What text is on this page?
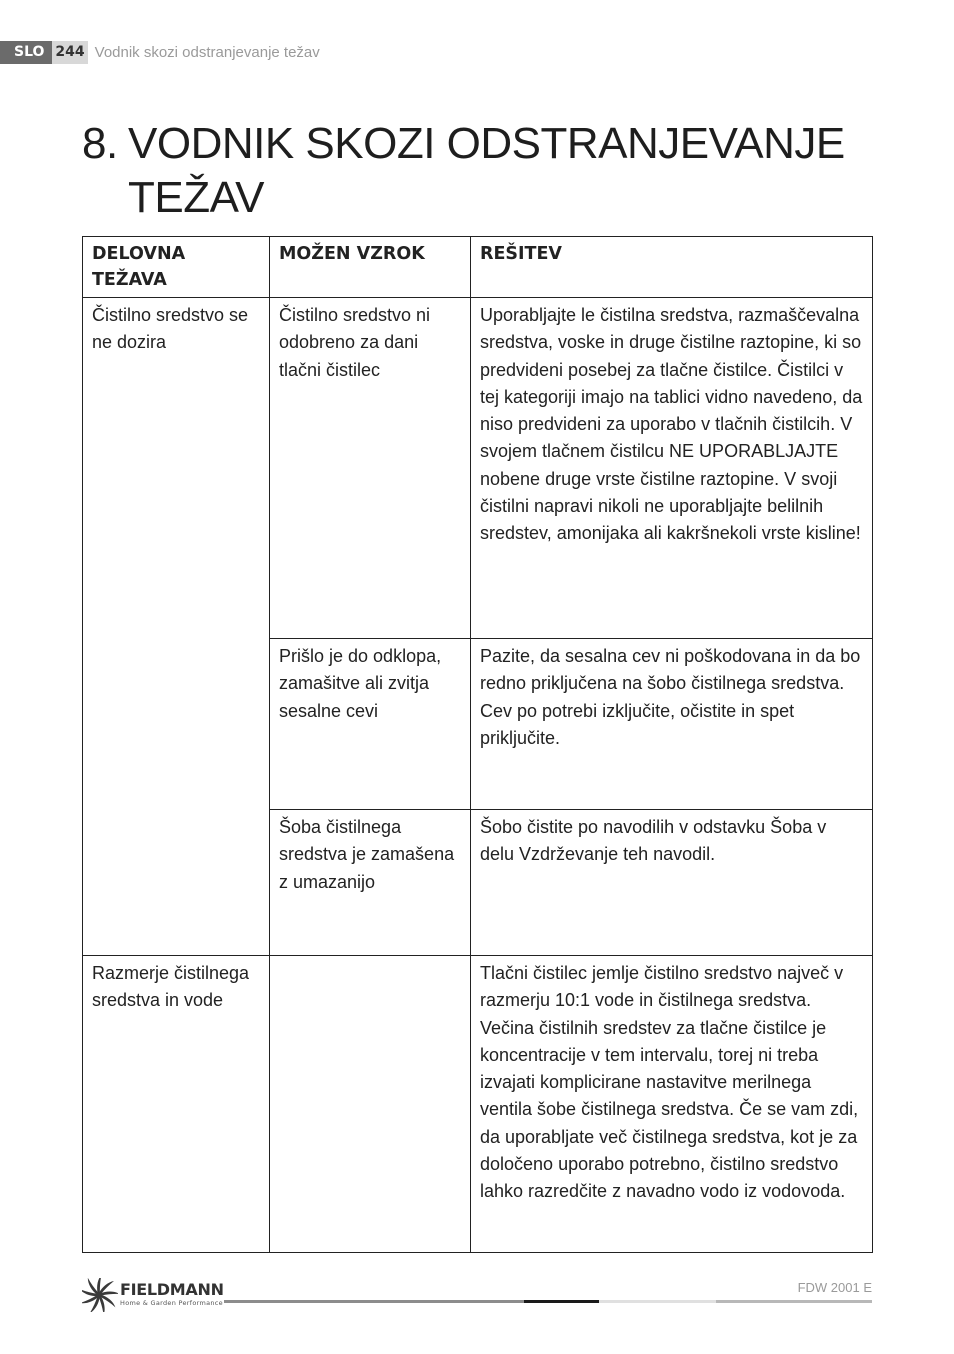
SLO 244 Vodnik skozi odstranjevanje težav
8. VODNIK SKOZI ODSTRANJEVANJE
TEŽAV
DELOVNA TEŽAVA	MOŽEN VZROK	REŠITEV
Čistilno sredstvo se ne dozira	Čistilno sredstvo ni odobreno za dani tlačni čistilec	Uporabljajte le čistilna sredstva, razmaščevalna sredstva, voske in druge čistilne raztopine, ki so predvideni posebej za tlačne čistilce. Čistilci v tej kategoriji imajo na tablici vidno navedeno, da niso predvideni za uporabo v tlačnih čistilcih. V svojem tlačnem čistilcu NE UPORABLJAJTE nobene druge vrste čistilne raztopine. V svoji čistilni napravi nikoli ne uporabljajte belilnih sredstev, amonijaka ali kakršnekoli vrste kisline!
	Prišlo je do odklopa, zamašitve ali zvitja sesalne cevi	Pazite, da sesalna cev ni poškodovana in da bo redno priključena na šobo čistilnega sredstva. Cev po potrebi izključite, očistite in spet priključite.
	Šoba čistilnega sredstva je zamašena z umazanijo	Šobo čistite po navodilih v odstavku Šoba v delu Vzdrževanje teh navodil.
Razmerje čistilnega sredstva in vode		Tlačni čistilec jemlje čistilno sredstvo največ v razmerju 10:1 vode in čistilnega sredstva. Večina čistilnih sredstev za tlačne čistilce je koncentracije v tem intervalu, torej ni treba izvajati komplicirane nastavitve merilnega ventila šobe čistilnega sredstva. Če se vam zdi, da uporabljate več čistilnega sredstva, kot je za določeno uporabo potrebno, čistilno sredstvo lahko razredčite z navadno vodo iz vodovoda.
FIELDMANN
Home & Garden Performance
FDW 2001 E
